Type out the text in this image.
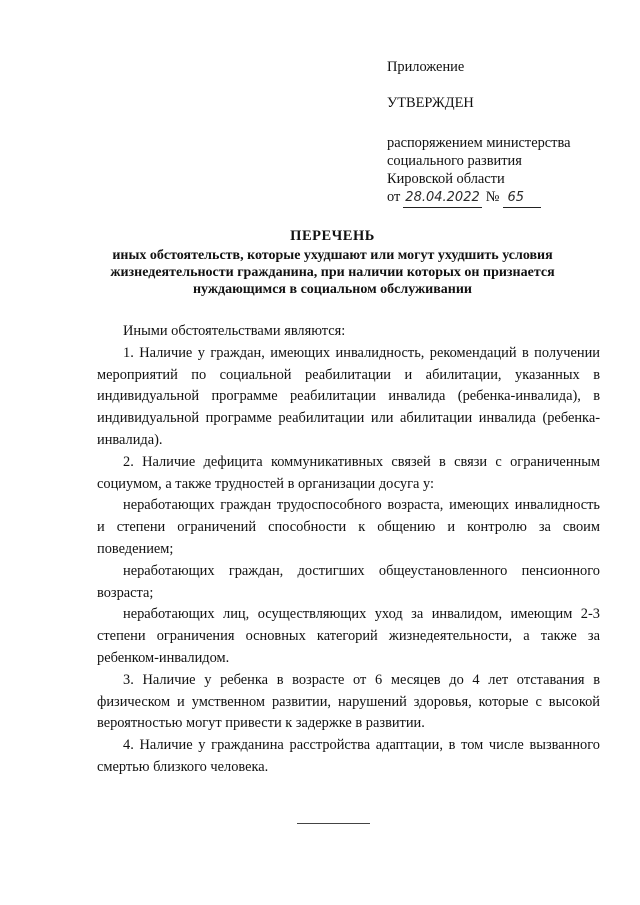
Приложение
УТВЕРЖДЕН
распоряжением министерства
социального развития
Кировской области
от 28.04.2022 № 65
ПЕРЕЧЕНЬ
иных обстоятельств, которые ухудшают или могут ухудшить условия
жизнедеятельности гражданина, при наличии которых он признается
нуждающимся в социальном обслуживании

Иными обстоятельствами являются:

1. Наличие у граждан, имеющих инвалидность, рекомендаций в получении мероприятий по социальной реабилитации и абилитации, указанных в индивидуальной программе реабилитации инвалида (ребенка-инвалида), в индивидуальной программе реабилитации или абилитации инвалида (ребенка-инвалида).

2. Наличие дефицита коммуникативных связей в связи с ограниченным социумом, а также трудностей в организации досуга у:

неработающих граждан трудоспособного возраста, имеющих инвалидность и степени ограничений способности к общению и контролю за своим поведением;

неработающих граждан, достигших общеустановленного пенсионного возраста;

неработающих лиц, осуществляющих уход за инвалидом, имеющим 2-3 степени ограничения основных категорий жизнедеятельности, а также за ребенком-инвалидом.

3. Наличие у ребенка в возрасте от 6 месяцев до 4 лет отставания в физическом и умственном развитии, нарушений здоровья, которые с высокой вероятностью могут привести к задержке в развитии.

4. Наличие у гражданина расстройства адаптации, в том числе вызванного смертью близкого человека.
